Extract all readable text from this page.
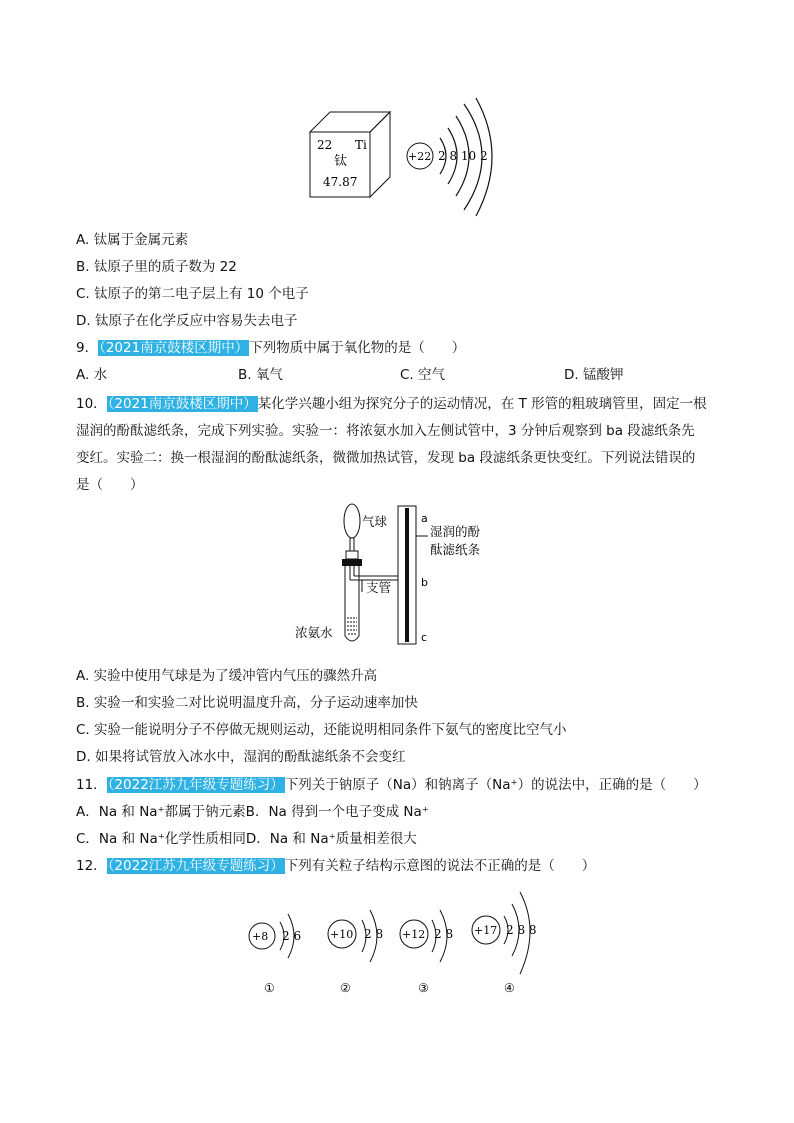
22 Ti
钛
47.87
+22 2 8 10 2
A. 钛属于金属元素
B. 钛原子里的质子数为 22
C. 钛原子的第二电子层上有 10 个电子
D. 钛原子在化学反应中容易失去电子
9．（2021南京鼓楼区期中）下列物质中属于氧化物的是（　　）
A. 水	B. 氧气	C. 空气	D. 锰酸钾
10．（2021南京鼓楼区期中）某化学兴趣小组为探究分子的运动情况，在 T 形管的粗玻璃管里，固定一根
湿润的酚酞滤纸条，完成下列实验。实验一：将浓氨水加入左侧试管中，3 分钟后观察到 ba 段滤纸条先
变红。实验二：换一根湿润的酚酞滤纸条，微微加热试管，发现 ba 段滤纸条更快变红。下列说法错误的
是（　　）
气球	a
湿润的酚
酞滤纸条
b
支管
c
浓氨水
A. 实验中使用气球是为了缓冲管内气压的骤然升高
B. 实验一和实验二对比说明温度升高，分子运动速率加快
C. 实验一能说明分子不停做无规则运动，还能说明相同条件下氨气的密度比空气小
D. 如果将试管放入冰水中，湿润的酚酞滤纸条不会变红
11．（2022江苏九年级专题练习）下列关于钠原子（Na）和钠离子（Na⁺）的说法中，正确的是（　　）
A．Na 和 Na⁺都属于钠元素B．Na 得到一个电子变成 Na⁺
C．Na 和 Na⁺化学性质相同D．Na 和 Na⁺质量相差很大
12．（2022江苏九年级专题练习）下列有关粒子结构示意图的说法不正确的是（　　）
+8 2 6
①
+10 2 8
②
+12 2 8
③
+17 2 8 8
④
